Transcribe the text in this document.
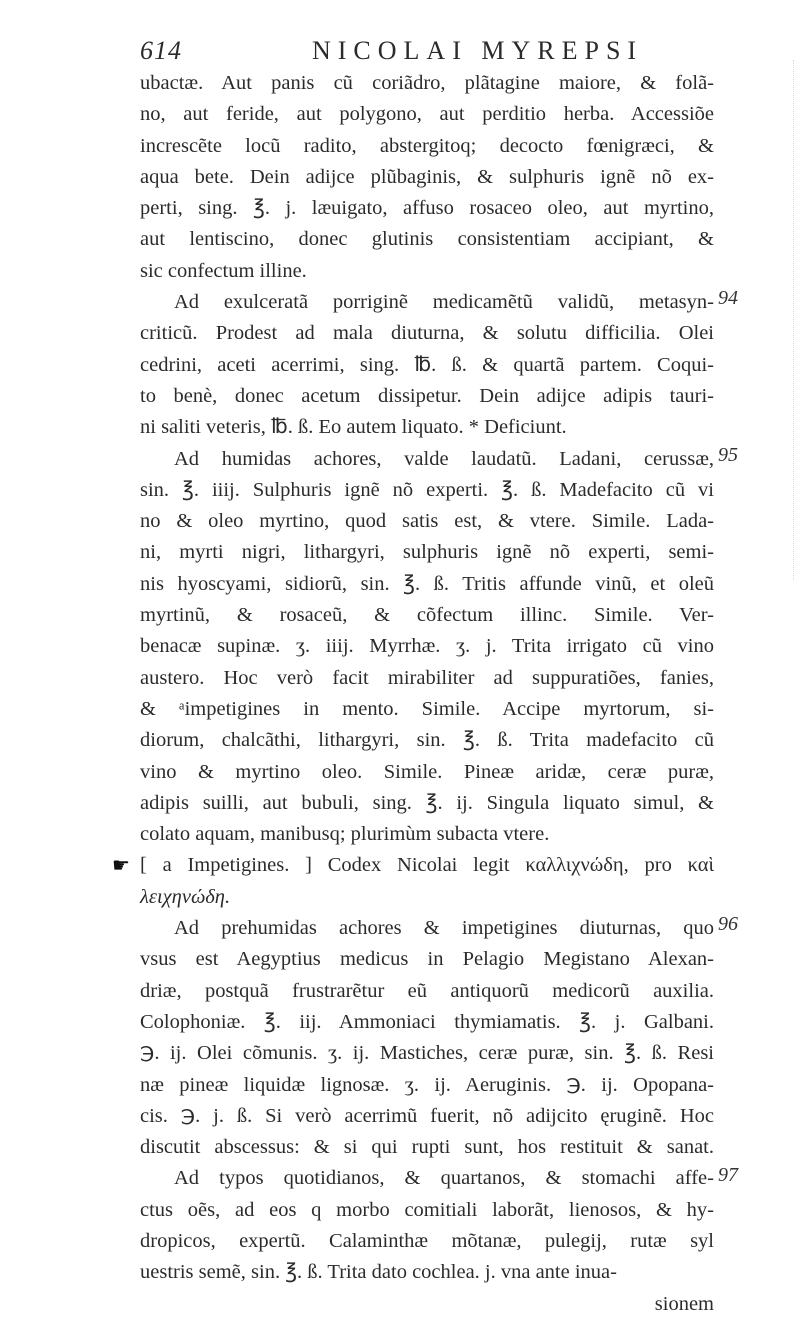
614	NICOLAI MYREPSI
ubactæ. Aut panis cũ coriãdro, plãtagine maiore, & folã-
no, aut feride, aut polygono, aut perditio herba. Accessiõe
increscẽte locũ radito, abstergitoq; decocto fœnigræci, &
aqua bete. Dein adijce plũbaginis, & sulphuris ignẽ nõ ex-
perti, sing. ℥. j. læuigato, affuso rosaceo oleo, aut myrtino,
aut lentiscino, donec glutinis consistentiam accipiant, &
sic confectum illine.
Ad exulceratã porriginẽ medicamẽtũ validũ, metasyn-
criticũ. Prodest ad mala diuturna, & solutu difficilia. Olei
cedrini, aceti acerrimi, sing. ℔. ß. & quartã partem. Coqui-
to benè, donec acetum dissipetur. Dein adijce adipis tauri-
ni saliti veteris, ℔. ß. Eo autem liquato. * Deficiunt.
Ad humidas achores, valde laudatũ. Ladani, cerussæ,
sin. ℥. iiij. Sulphuris ignẽ nõ experti. ℥. ß. Madefacito cũ vi
no & oleo myrtino, quod satis est, & vtere. Simile. Lada-
ni, myrti nigri, lithargyri, sulphuris ignẽ nõ experti, semi-
nis hyoscyami, sidiorũ, sin. ℥. ß. Tritis affunde vinũ, et oleũ
myrtinũ, & rosaceũ, & cõfectum illinc. Simile. Ver-
benacæ supinæ. ʒ. iiij. Myrrhæ. ʒ. j. Trita irrigato cũ vino
austero. Hoc verò facit mirabiliter ad suppuratiões, fanies,
& ᵃimpetigines in mento. Simile. Accipe myrtorum, si-
diorum, chalcãthi, lithargyri, sin. ℥. ß. Trita madefacito cũ
vino & myrtino oleo. Simile. Pineæ aridæ, ceræ puræ,
adipis suilli, aut bubuli, sing. ℥. ij. Singula liquato simul, &
colato aquam, manibusq; plurimùm subacta vtere.
[ a Impetigines. ] Codex Nicolai legit καλλιχνώδη, pro καὶ
☛
λειχηνώδη.
Ad prehumidas achores & impetigines diuturnas, quo
vsus est Aegyptius medicus in Pelagio Megistano Alexan-
driæ, postquã frustrarẽtur eũ antiquorũ medicorũ auxilia.
Colophoniæ. ℥. iij. Ammoniaci thymiamatis. ℥. j. Galbani.
℈. ij. Olei cõmunis. ʒ. ij. Mastiches, ceræ puræ, sin. ℥. ß. Resi
næ pineæ liquidæ lignosæ. ʒ. ij. Aeruginis. ℈. ij. Opopana-
cis. ℈. j. ß. Si verò acerrimũ fuerit, nõ adijcito ęruginẽ. Hoc
discutit abscessus: & si qui rupti sunt, hos restituit & sanat.
Ad typos quotidianos, & quartanos, & stomachi affe-
ctus oẽs, ad eos q morbo comitiali laborãt, lienosos, & hy-
dropicos, expertũ. Calaminthæ mõtanæ, pulegij, rutæ syl
uestris semẽ, sin. ℥. ß. Trita dato cochlea. j. vna ante inua-
sionem
94
95
96
97
